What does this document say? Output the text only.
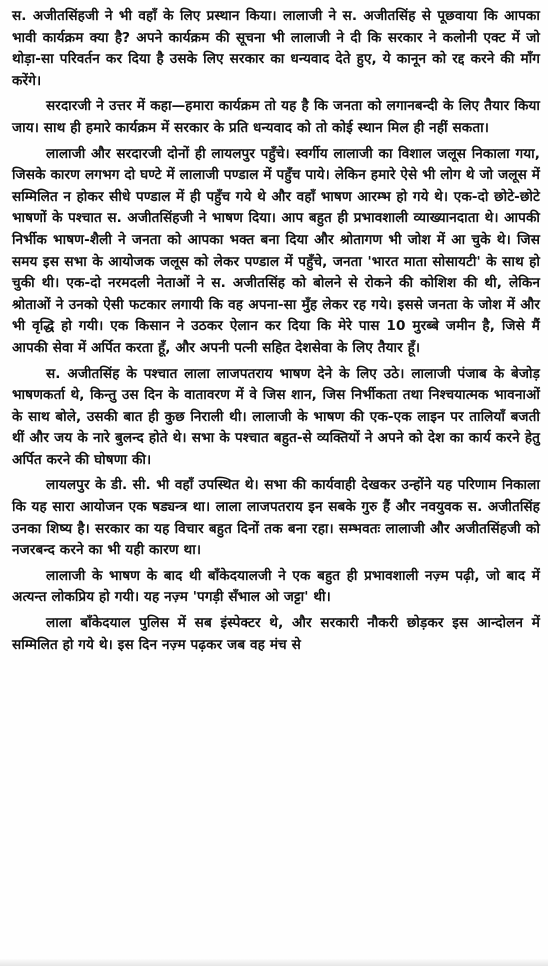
स. अजीतसिंहजी ने भी वहाँ के लिए प्रस्थान किया। लालाजी ने स. अजीतसिंह से पूछवाया कि आपका भावी कार्यक्रम क्या है? अपने कार्यक्रम की सूचना भी लालाजी ने दी कि सरकार ने कलोनी एक्ट में जो थोड़ा-सा परिवर्तन कर दिया है उसके लिए सरकार का धन्यवाद देते हुए, ये कानून को रद्द करने की माँग करेंगे।

सरदारजी ने उत्तर में कहा—हमारा कार्यक्रम तो यह है कि जनता को लगानबन्दी के लिए तैयार किया जाय। साथ ही हमारे कार्यक्रम में सरकार के प्रति धन्यवाद को तो कोई स्थान मिल ही नहीं सकता।

लालाजी और सरदारजी दोनों ही लायलपुर पहुँचे। स्वर्गीय लालाजी का विशाल जलूस निकाला गया, जिसके कारण लगभग दो घण्टे में लालाजी पण्डाल में पहुँच पाये। लेकिन हमारे ऐसे भी लोग थे जो जलूस में सम्मिलित न होकर सीधे पण्डाल में ही पहुँच गये थे और वहाँ भाषण आरम्भ हो गये थे। एक-दो छोटे-छोटे भाषणों के पश्चात स. अजीतसिंहजी ने भाषण दिया। आप बहुत ही प्रभावशाली व्याख्यानदाता थे। आपकी निर्भीक भाषण-शैली ने जनता को आपका भक्त बना दिया और श्रोतागण भी जोश में आ चुके थे। जिस समय इस सभा के आयोजक जलूस को लेकर पण्डाल में पहुँचे, जनता 'भारत माता सोसायटी' के साथ हो चुकी थी। एक-दो नरमदली नेताओं ने स. अजीतसिंह को बोलने से रोकने की कोशिश की थी, लेकिन श्रोताओं ने उनको ऐसी फटकार लगायी कि वह अपना-सा मुँह लेकर रह गये। इससे जनता के जोश में और भी वृद्धि हो गयी। एक किसान ने उठकर ऐलान कर दिया कि मेरे पास 10 मुरब्बे जमीन है, जिसे मैं आपकी सेवा में अर्पित करता हूँ, और अपनी पत्नी सहित देशसेवा के लिए तैयार हूँ।

स. अजीतसिंह के पश्चात लाला लाजपतराय भाषण देने के लिए उठे। लालाजी पंजाब के बेजोड़ भाषणकर्ता थे, किन्तु उस दिन के वातावरण में वे जिस शान, जिस निर्भीकता तथा निश्चयात्मक भावनाओं के साथ बोले, उसकी बात ही कुछ निराली थी। लालाजी के भाषण की एक-एक लाइन पर तालियाँ बजती थीं और जय के नारे बुलन्द होते थे। सभा के पश्चात बहुत-से व्यक्तियों ने अपने को देश का कार्य करने हेतु अर्पित करने की घोषणा की।

लायलपुर के डी. सी. भी वहाँ उपस्थित थे। सभा की कार्यवाही देखकर उन्होंने यह परिणाम निकाला कि यह सारा आयोजन एक षड्यन्त्र था। लाला लाजपतराय इन सबके गुरु हैं और नवयुवक स. अजीतसिंह उनका शिष्य है। सरकार का यह विचार बहुत दिनों तक बना रहा। सम्भवतः लालाजी और अजीतसिंहजी को नजरबन्द करने का भी यही कारण था।

लालाजी के भाषण के बाद थी बाँकेदयालजी ने एक बहुत ही प्रभावशाली नज़्म पढ़ी, जो बाद में अत्यन्त लोकप्रिय हो गयी। यह नज़्म 'पगड़ी सँभाल ओ जट्टा' थी।

लाला बाँकेदयाल पुलिस में सब इंस्पेक्टर थे, और सरकारी नौकरी छोड़कर इस आन्दोलन में सम्मिलित हो गये थे। इस दिन नज़्म पढ़कर जब वह मंच से
